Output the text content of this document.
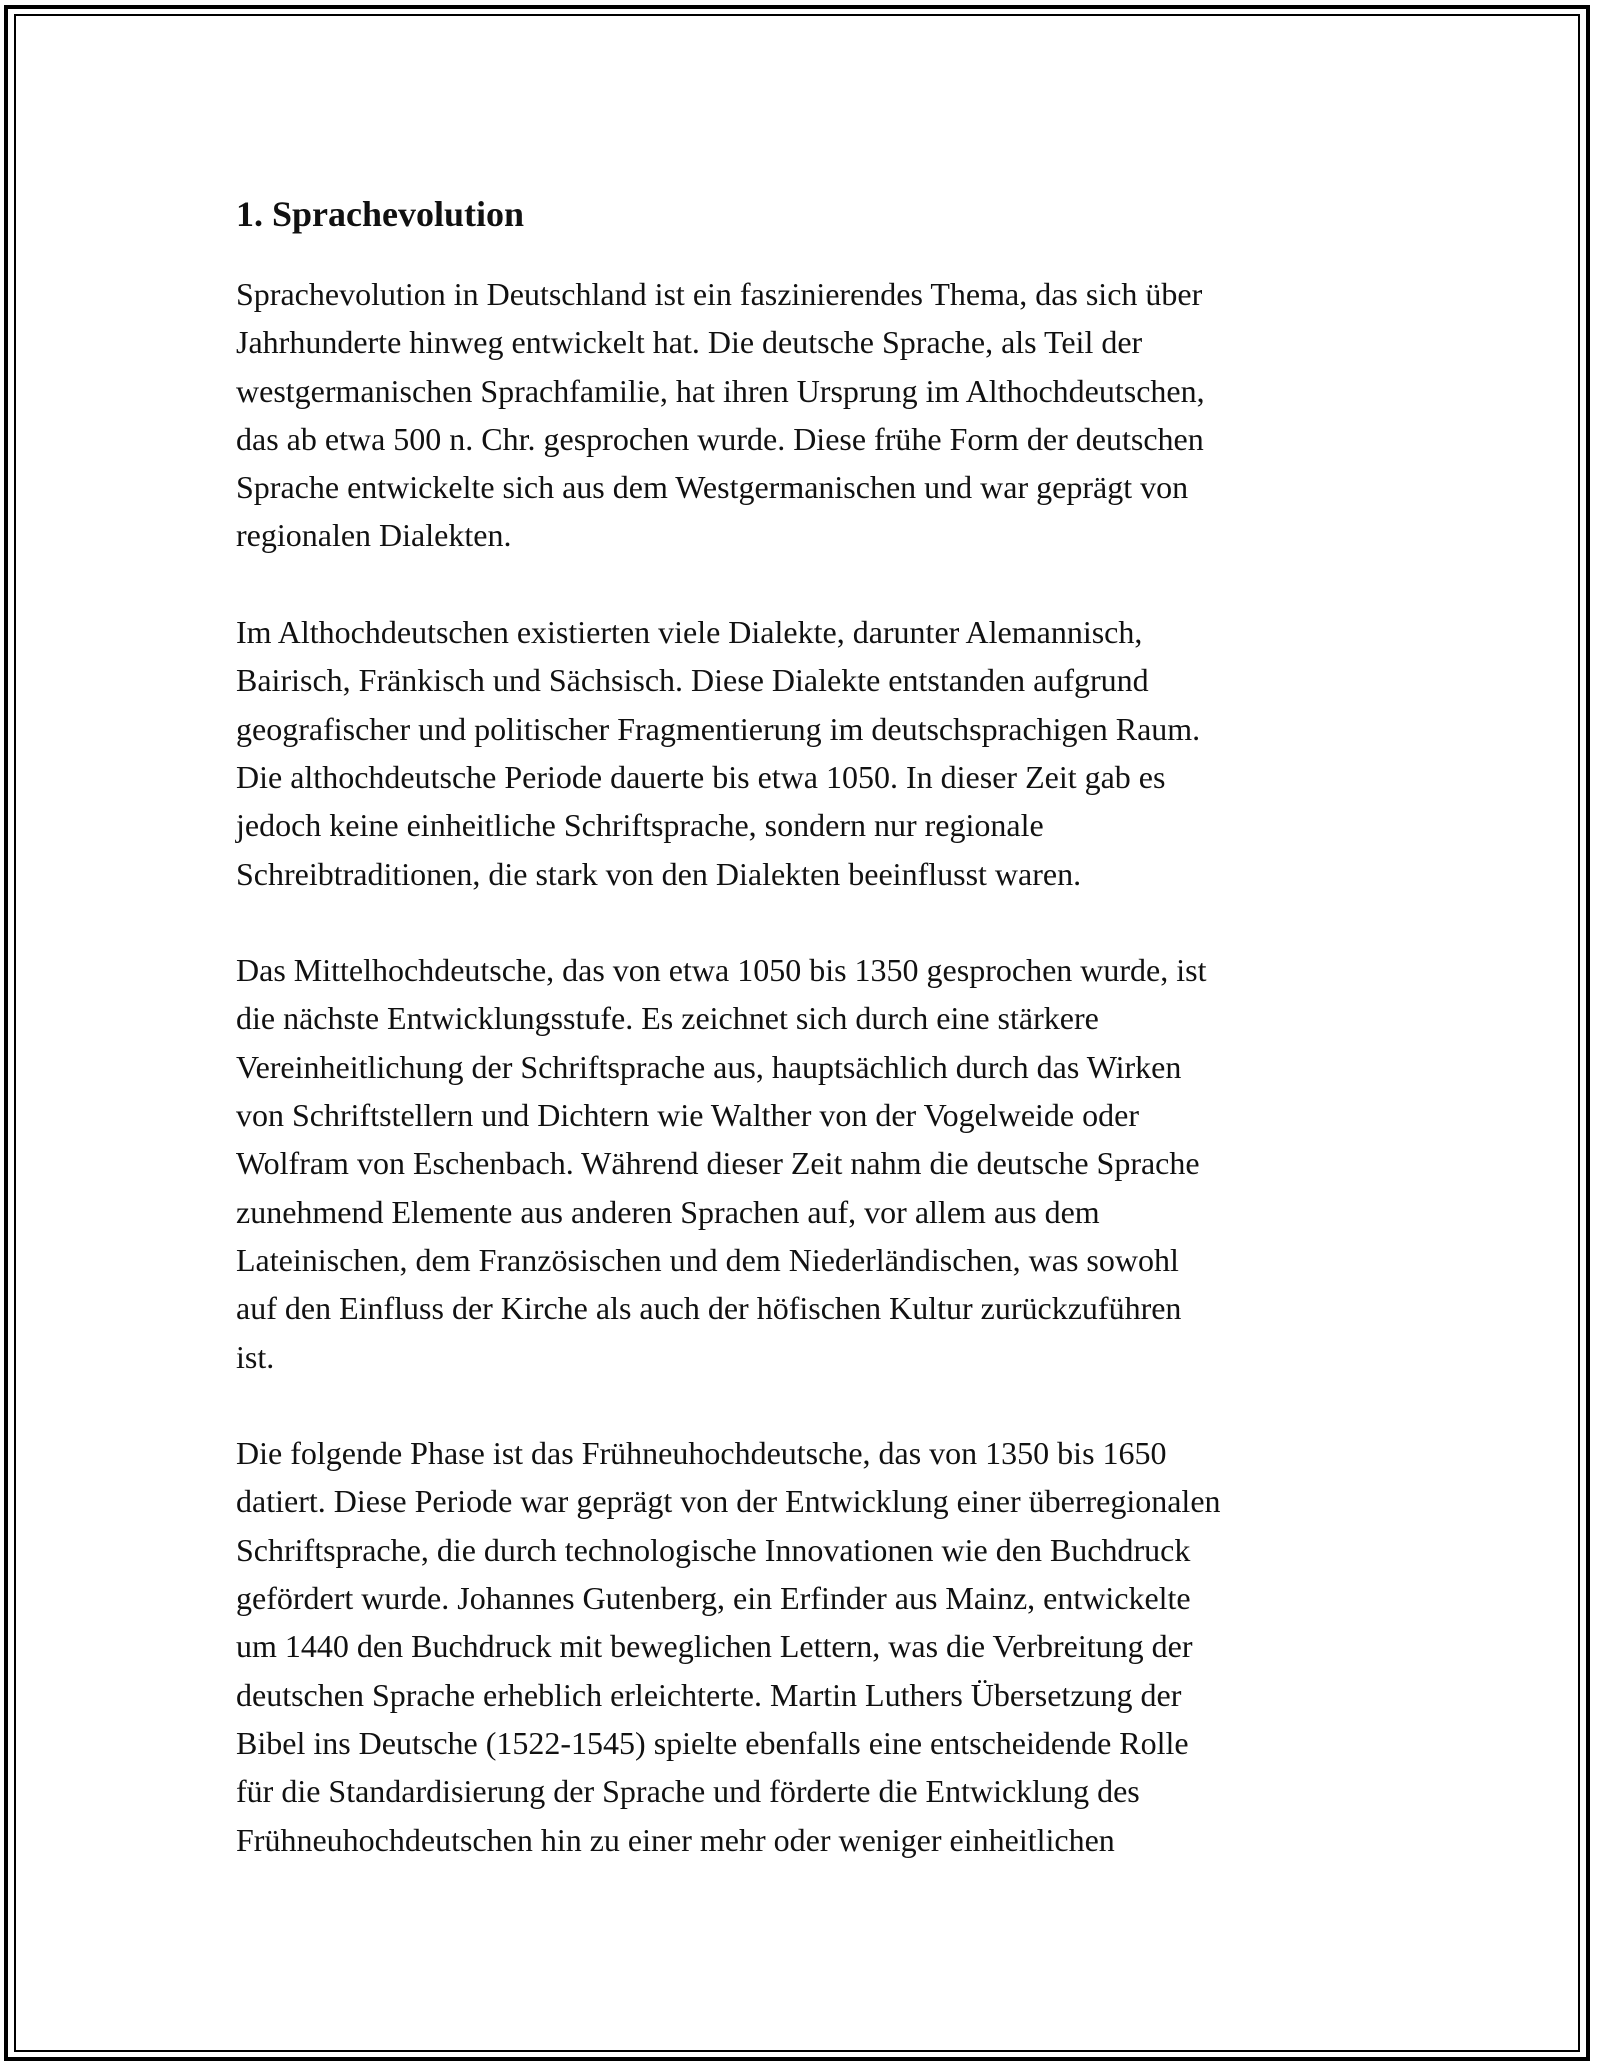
1. Sprachevolution

Sprachevolution in Deutschland ist ein faszinierendes Thema, das sich über
Jahrhunderte hinweg entwickelt hat. Die deutsche Sprache, als Teil der
westgermanischen Sprachfamilie, hat ihren Ursprung im Althochdeutschen,
das ab etwa 500 n. Chr. gesprochen wurde. Diese frühe Form der deutschen
Sprache entwickelte sich aus dem Westgermanischen und war geprägt von
regionalen Dialekten.

Im Althochdeutschen existierten viele Dialekte, darunter Alemannisch,
Bairisch, Fränkisch und Sächsisch. Diese Dialekte entstanden aufgrund
geografischer und politischer Fragmentierung im deutschsprachigen Raum.
Die althochdeutsche Periode dauerte bis etwa 1050. In dieser Zeit gab es
jedoch keine einheitliche Schriftsprache, sondern nur regionale
Schreibtraditionen, die stark von den Dialekten beeinflusst waren.

Das Mittelhochdeutsche, das von etwa 1050 bis 1350 gesprochen wurde, ist
die nächste Entwicklungsstufe. Es zeichnet sich durch eine stärkere
Vereinheitlichung der Schriftsprache aus, hauptsächlich durch das Wirken
von Schriftstellern und Dichtern wie Walther von der Vogelweide oder
Wolfram von Eschenbach. Während dieser Zeit nahm die deutsche Sprache
zunehmend Elemente aus anderen Sprachen auf, vor allem aus dem
Lateinischen, dem Französischen und dem Niederländischen, was sowohl
auf den Einfluss der Kirche als auch der höfischen Kultur zurückzuführen
ist.

Die folgende Phase ist das Frühneuhochdeutsche, das von 1350 bis 1650
datiert. Diese Periode war geprägt von der Entwicklung einer überregionalen
Schriftsprache, die durch technologische Innovationen wie den Buchdruck
gefördert wurde. Johannes Gutenberg, ein Erfinder aus Mainz, entwickelte
um 1440 den Buchdruck mit beweglichen Lettern, was die Verbreitung der
deutschen Sprache erheblich erleichterte. Martin Luthers Übersetzung der
Bibel ins Deutsche (1522-1545) spielte ebenfalls eine entscheidende Rolle
für die Standardisierung der Sprache und förderte die Entwicklung des
Frühneuhochdeutschen hin zu einer mehr oder weniger einheitlichen
